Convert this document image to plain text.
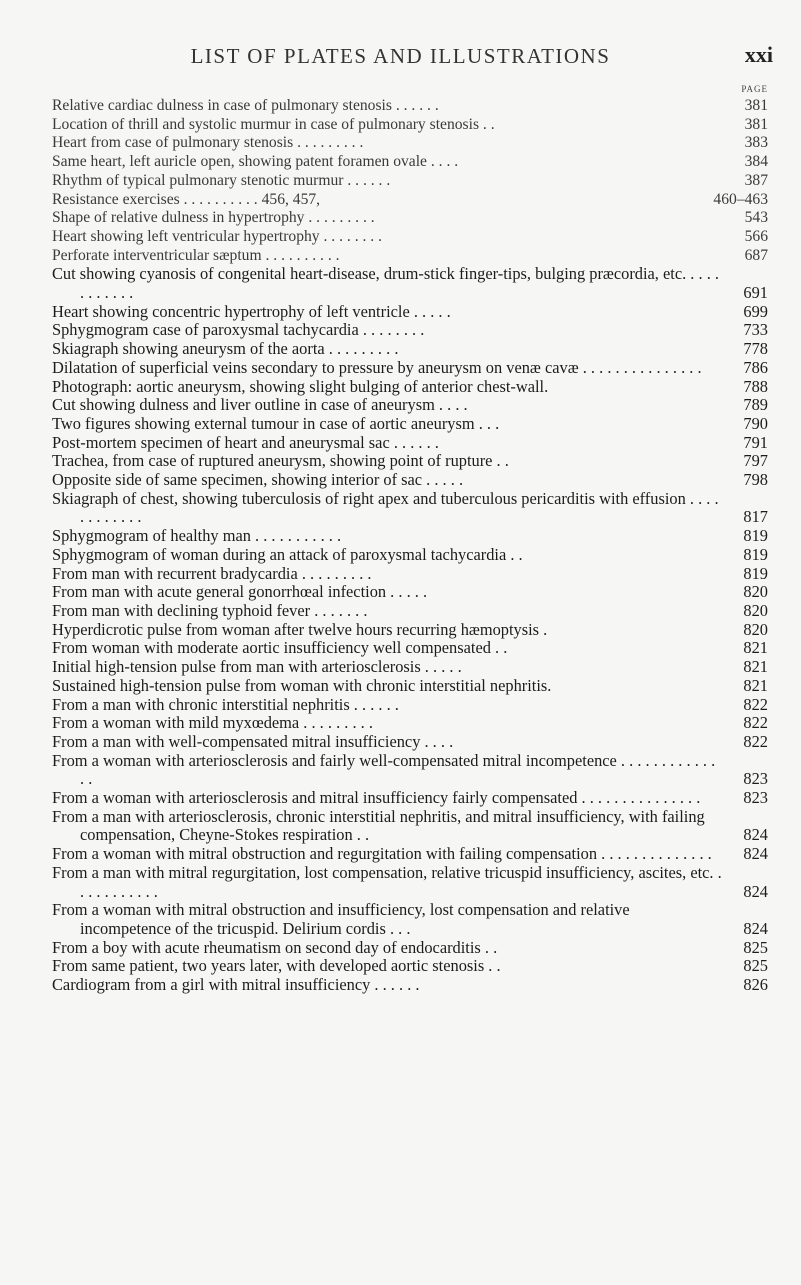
LIST OF PLATES AND ILLUSTRATIONS	xxi
PAGE
Relative cardiac dulness in case of pulmonary stenosis . . . . . .	381
Location of thrill and systolic murmur in case of pulmonary stenosis . .	381
Heart from case of pulmonary stenosis . . . . . . . . .	383
Same heart, left auricle open, showing patent foramen ovale . . . .	384
Rhythm of typical pulmonary stenotic murmur . . . . . .	387
Resistance exercises . . . . . . . . . . 456, 457,	460–463
Shape of relative dulness in hypertrophy . . . . . . . . .	543
Heart showing left ventricular hypertrophy . . . . . . . .	566
Perforate interventricular sæptum . . . . . . . . . .	687
Cut showing cyanosis of congenital heart-disease, drum-stick finger-tips, bulging præcordia, etc. . . . . . . . . . . .	691
Heart showing concentric hypertrophy of left ventricle . . . . .	699
Sphygmogram case of paroxysmal tachycardia . . . . . . . .	733
Skiagraph showing aneurysm of the aorta . . . . . . . . .	778
Dilatation of superficial veins secondary to pressure by aneurysm on venæ cavæ . . . . . . . . . . . . . . .	786
Photograph: aortic aneurysm, showing slight bulging of anterior chest-wall.	788
Cut showing dulness and liver outline in case of aneurysm . . . .	789
Two figures showing external tumour in case of aortic aneurysm . . .	790
Post-mortem specimen of heart and aneurysmal sac . . . . . .	791
Trachea, from case of ruptured aneurysm, showing point of rupture . .	797
Opposite side of same specimen, showing interior of sac . . . . .	798
Skiagraph of chest, showing tuberculosis of right apex and tuberculous pericarditis with effusion . . . . . . . . . . . .	817
Sphygmogram of healthy man . . . . . . . . . . .	819
Sphygmogram of woman during an attack of paroxysmal tachycardia . .	819
From man with recurrent bradycardia . . . . . . . . .	819
From man with acute general gonorrhœal infection . . . . .	820
From man with declining typhoid fever . . . . . . .	820
Hyperdicrotic pulse from woman after twelve hours recurring hæmoptysis .	820
From woman with moderate aortic insufficiency well compensated . .	821
Initial high-tension pulse from man with arteriosclerosis . . . . .	821
Sustained high-tension pulse from woman with chronic interstitial nephritis.	821
From a man with chronic interstitial nephritis . . . . . .	822
From a woman with mild myxœdema . . . . . . . . .	822
From a man with well-compensated mitral insufficiency . . . .	822
From a woman with arteriosclerosis and fairly well-compensated mitral incompetence . . . . . . . . . . . . . .	823
From a woman with arteriosclerosis and mitral insufficiency fairly compensated . . . . . . . . . . . . . . .	823
From a man with arteriosclerosis, chronic interstitial nephritis, and mitral insufficiency, with failing compensation, Cheyne-Stokes respiration . .	824
From a woman with mitral obstruction and regurgitation with failing compensation . . . . . . . . . . . . . . 824
From a man with mitral regurgitation, lost compensation, relative tricuspid insufficiency, ascites, etc. . . . . . . . . . . .	824
From a woman with mitral obstruction and insufficiency, lost compensation and relative incompetence of the tricuspid. Delirium cordis . . .	824
From a boy with acute rheumatism on second day of endocarditis . .	825
From same patient, two years later, with developed aortic stenosis . .	825
Cardiogram from a girl with mitral insufficiency . . . . . .	826
